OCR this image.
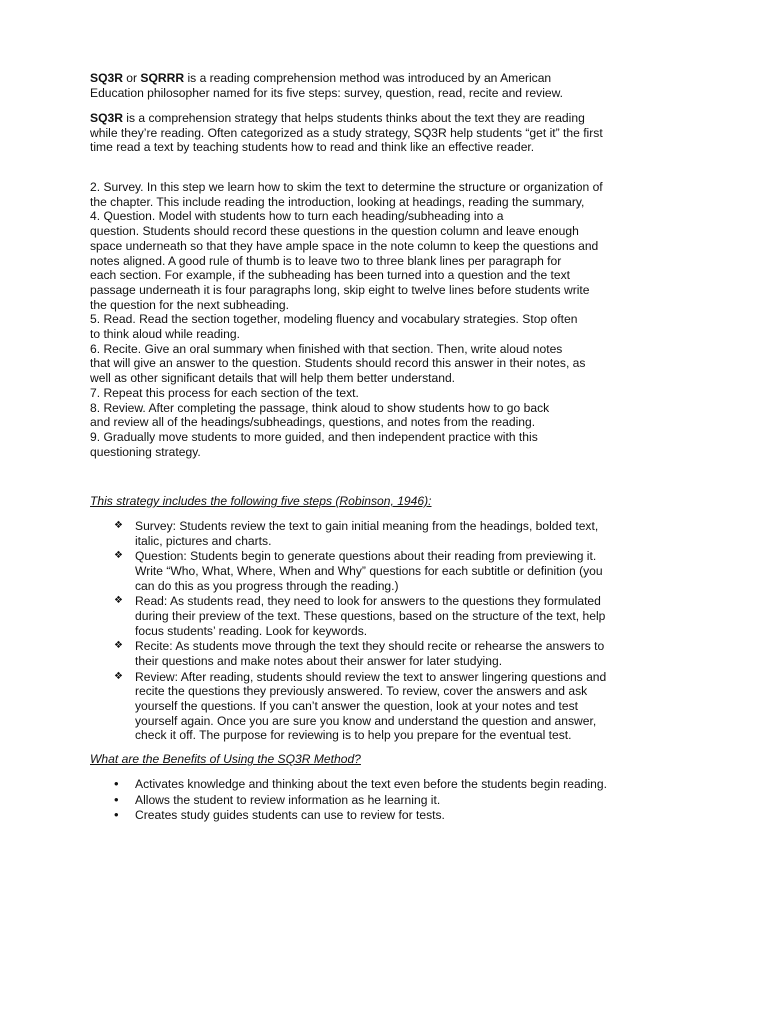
SQ3R or SQRRR is a reading comprehension method was introduced by an American
Education philosopher named for its five steps: survey, question, read, recite and review.

SQ3R is a comprehension strategy that helps students thinks about the text they are reading
while they’re reading. Often categorized as a study strategy, SQ3R help students “get it” the first
time read a text by teaching students how to read and think like an effective reader.

2. Survey. In this step we learn how to skim the text to determine the structure or organization of
the chapter. This include reading the introduction, looking at headings, reading the summary,
4. Question. Model with students how to turn each heading/subheading into a
question. Students should record these questions in the question column and leave enough
space underneath so that they have ample space in the note column to keep the questions and
notes aligned. A good rule of thumb is to leave two to three blank lines per paragraph for
each section. For example, if the subheading has been turned into a question and the text
passage underneath it is four paragraphs long, skip eight to twelve lines before students write
the question for the next subheading.
5. Read. Read the section together, modeling fluency and vocabulary strategies. Stop often
to think aloud while reading.
6. Recite. Give an oral summary when finished with that section. Then, write aloud notes
that will give an answer to the question. Students should record this answer in their notes, as
well as other significant details that will help them better understand.
7. Repeat this process for each section of the text.
8. Review. After completing the passage, think aloud to show students how to go back
and review all of the headings/subheadings, questions, and notes from the reading.
9. Gradually move students to more guided, and then independent practice with this
questioning strategy.

This strategy includes the following five steps (Robinson, 1946):

❖ Survey: Students review the text to gain initial meaning from the headings, bolded text,
italic, pictures and charts.
❖ Question: Students begin to generate questions about their reading from previewing it.
Write “Who, What, Where, When and Why” questions for each subtitle or definition (you
can do this as you progress through the reading.)
❖ Read: As students read, they need to look for answers to the questions they formulated
during their preview of the text. These questions, based on the structure of the text, help
focus students’ reading. Look for keywords.
❖ Recite: As students move through the text they should recite or rehearse the answers to
their questions and make notes about their answer for later studying.
❖ Review: After reading, students should review the text to answer lingering questions and
recite the questions they previously answered. To review, cover the answers and ask
yourself the questions. If you can’t answer the question, look at your notes and test
yourself again. Once you are sure you know and understand the question and answer,
check it off. The purpose for reviewing is to help you prepare for the eventual test.

What are the Benefits of Using the SQ3R Method?

• Activates knowledge and thinking about the text even before the students begin reading.
• Allows the student to review information as he learning it.
• Creates study guides students can use to review for tests.
